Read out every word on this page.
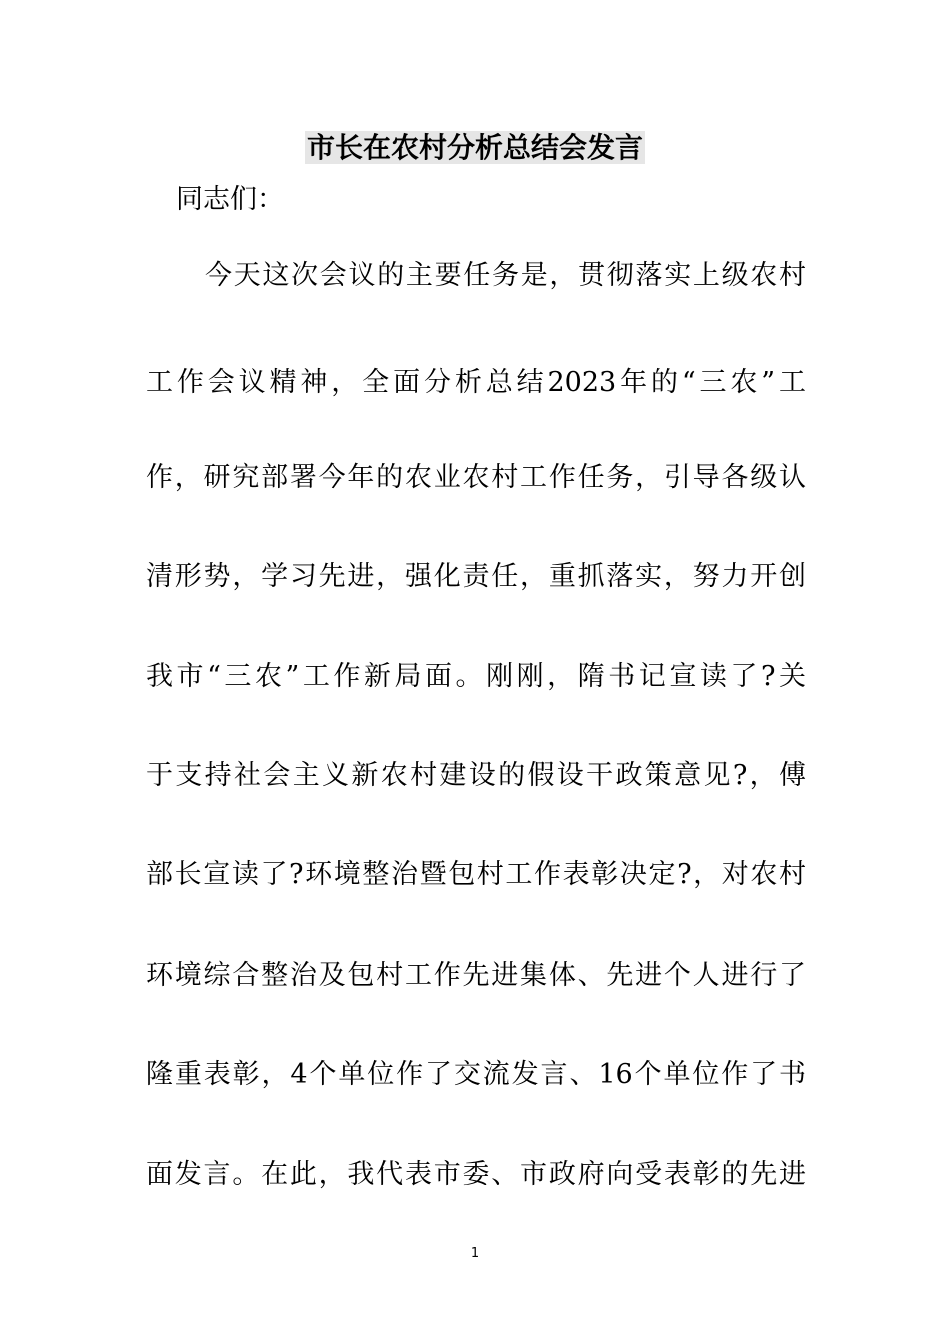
市长在农村分析总结会发言
同志们：
今天这次会议的主要任务是，贯彻落实上级农村
工作会议精神，全面分析总结2023年的“三农”工
作，研究部署今年的农业农村工作任务，引导各级认
清形势，学习先进，强化责任，重抓落实，努力开创
我市“三农”工作新局面。刚刚，隋书记宣读了?关
于支持社会主义新农村建设的假设干政策意见?，傅
部长宣读了?环境整治暨包村工作表彰决定?，对农村
环境综合整治及包村工作先进集体、先进个人进行了
隆重表彰，4个单位作了交流发言、16个单位作了书
面发言。在此，我代表市委、市政府向受表彰的先进
1
